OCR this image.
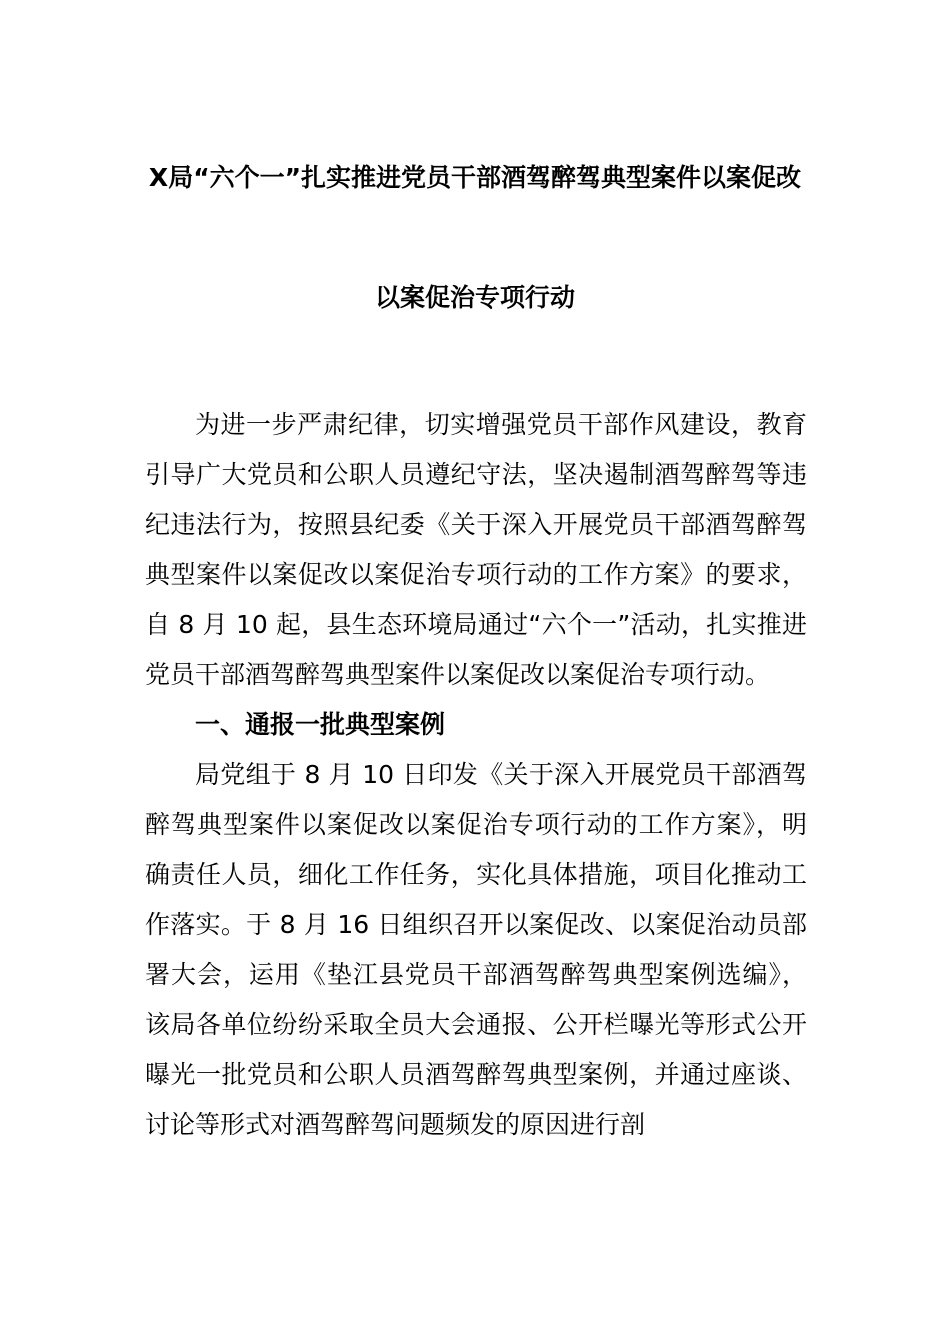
X局“六个一”扎实推进党员干部酒驾醉驾典型案件以案促改
以案促治专项行动

为进一步严肃纪律，切实增强党员干部作风建设，教育引导广大党员和公职人员遵纪守法，坚决遏制酒驾醉驾等违纪违法行为，按照县纪委《关于深入开展党员干部酒驾醉驾典型案件以案促改以案促治专项行动的工作方案》的要求，自 8 月 10 起，县生态环境局通过“六个一”活动，扎实推进党员干部酒驾醉驾典型案件以案促改以案促治专项行动。

一、通报一批典型案例

局党组于 8 月 10 日印发《关于深入开展党员干部酒驾醉驾典型案件以案促改以案促治专项行动的工作方案》，明确责任人员，细化工作任务，实化具体措施，项目化推动工作落实。于 8 月 16 日组织召开以案促改、以案促治动员部署大会，运用《垫江县党员干部酒驾醉驾典型案例选编》，该局各单位纷纷采取全员大会通报、公开栏曝光等形式公开曝光一批党员和公职人员酒驾醉驾典型案例，并通过座谈、讨论等形式对酒驾醉驾问题频发的原因进行剖
